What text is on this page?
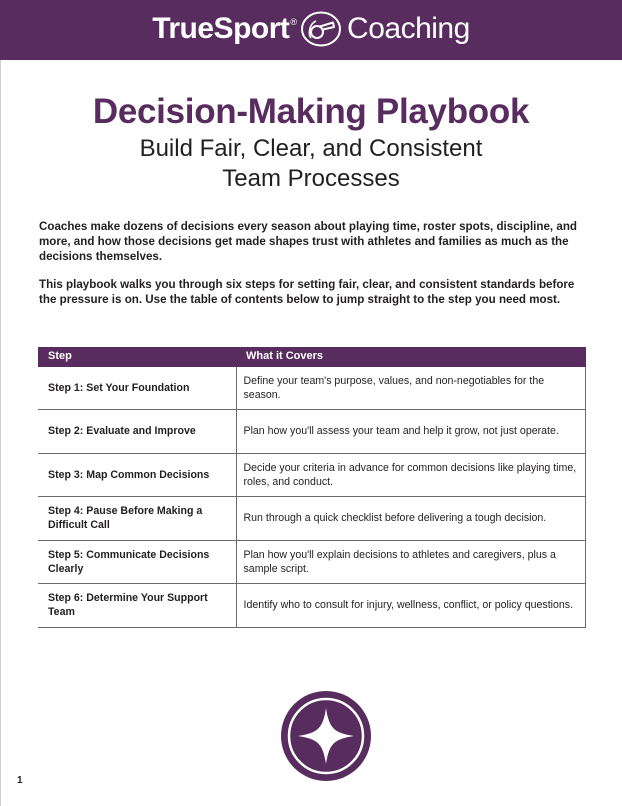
TrueSport ® Coaching
Decision-Making Playbook
Build Fair, Clear, and Consistent
Team Processes

Coaches make dozens of decisions every season about playing time, roster spots, discipline, and more, and how those decisions get made shapes trust with athletes and families as much as the decisions themselves.

This playbook walks you through six steps for setting fair, clear, and consistent standards before the pressure is on. Use the table of contents below to jump straight to the step you need most.

Step	What it Covers
Step 1: Set Your Foundation	Define your team's purpose, values, and non-negotiables for the season.
Step 2: Evaluate and Improve	Plan how you'll assess your team and help it grow, not just operate.
Step 3: Map Common Decisions	Decide your criteria in advance for common decisions like playing time, roles, and conduct.
Step 4: Pause Before Making a Difficult Call	Run through a quick checklist before delivering a tough decision.
Step 5: Communicate Decisions Clearly	Plan how you'll explain decisions to athletes and caregivers, plus a sample script.
Step 6: Determine Your Support Team	Identify who to consult for injury, wellness, conflict, or policy questions.
1
